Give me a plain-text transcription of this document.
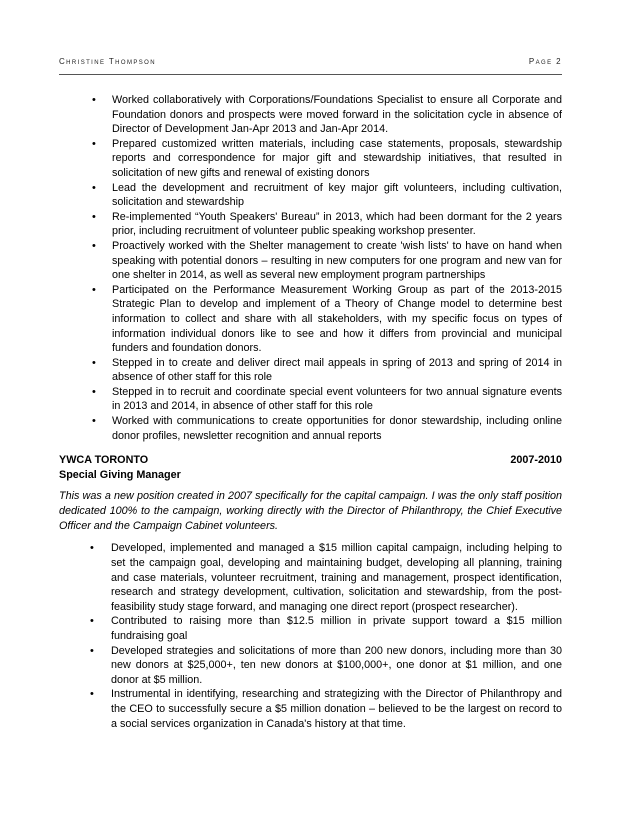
Christine Thompson	Page 2
• Worked collaboratively with Corporations/Foundations Specialist to ensure all Corporate and Foundation donors and prospects were moved forward in the solicitation cycle in absence of Director of Development Jan-Apr 2013 and Jan-Apr 2014.
• Prepared customized written materials, including case statements, proposals, stewardship reports and correspondence for major gift and stewardship initiatives, that resulted in solicitation of new gifts and renewal of existing donors
• Lead the development and recruitment of key major gift volunteers, including cultivation, solicitation and stewardship
• Re-implemented “Youth Speakers' Bureau” in 2013, which had been dormant for the 2 years prior, including recruitment of volunteer public speaking workshop presenter.
• Proactively worked with the Shelter management to create 'wish lists' to have on hand when speaking with potential donors – resulting in new computers for one program and new van for one shelter in 2014, as well as several new employment program partnerships
• Participated on the Performance Measurement Working Group as part of the 2013-2015 Strategic Plan to develop and implement of a Theory of Change model to determine best information to collect and share with all stakeholders, with my specific focus on types of information individual donors like to see and how it differs from provincial and municipal funders and foundation donors.
• Stepped in to create and deliver direct mail appeals in spring of 2013 and spring of 2014 in absence of other staff for this role
• Stepped in to recruit and coordinate special event volunteers for two annual signature events in 2013 and 2014, in absence of other staff for this role
• Worked with communications to create opportunities for donor stewardship, including online donor profiles, newsletter recognition and annual reports
YWCA TORONTO	2007-2010
Special Giving Manager
This was a new position created in 2007 specifically for the capital campaign. I was the only staff position dedicated 100% to the campaign, working directly with the Director of Philanthropy, the Chief Executive Officer and the Campaign Cabinet volunteers.
• Developed, implemented and managed a $15 million capital campaign, including helping to set the campaign goal, developing and maintaining budget, developing all planning, training and case materials, volunteer recruitment, training and management, prospect identification, research and strategy development, cultivation, solicitation and stewardship, from the post-feasibility study stage forward, and managing one direct report (prospect researcher).
• Contributed to raising more than $12.5 million in private support toward a $15 million fundraising goal
• Developed strategies and solicitations of more than 200 new donors, including more than 30 new donors at $25,000+, ten new donors at $100,000+, one donor at $1 million, and one donor at $5 million.
• Instrumental in identifying, researching and strategizing with the Director of Philanthropy and the CEO to successfully secure a $5 million donation – believed to be the largest on record to a social services organization in Canada's history at that time.
